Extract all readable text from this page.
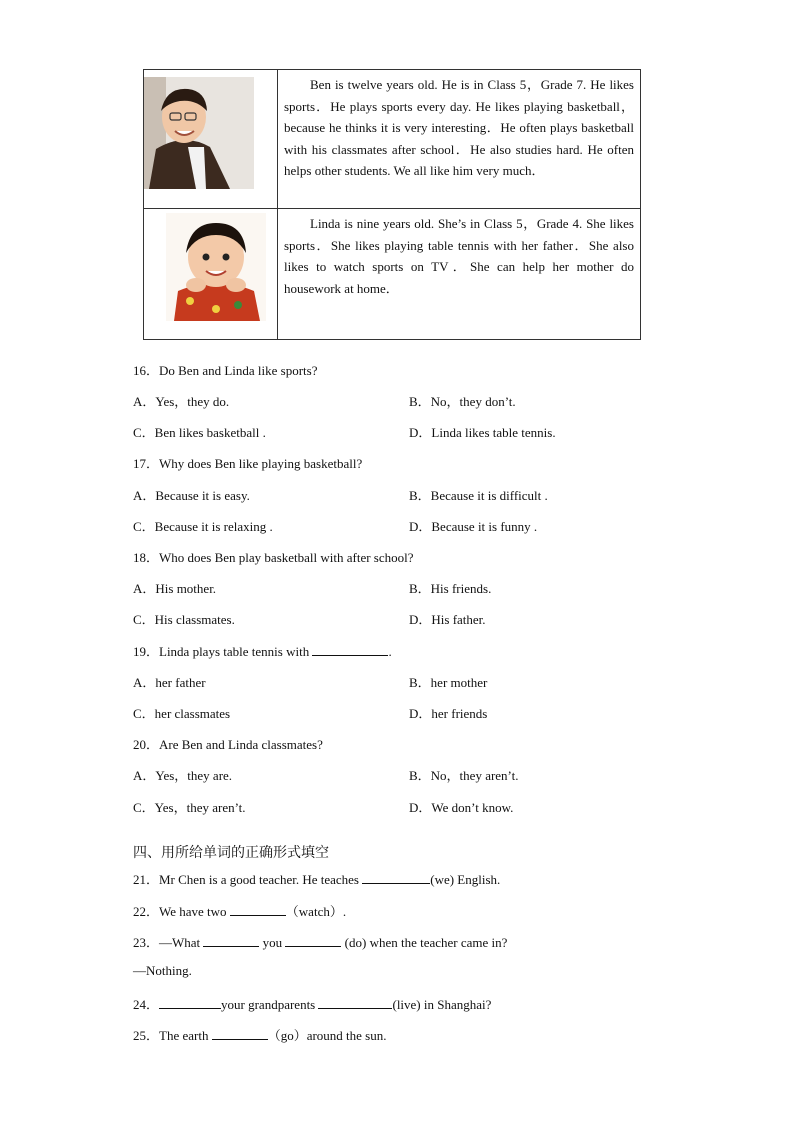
Ben is twelve years old. He is in Class 5，Grade 7. He likes sports．He plays sports every day. He likes playing basketball，because he thinks it is very interesting．He often plays basketball with his classmates after school．He also studies hard. He often helps other students. We all like him very much．
Linda is nine years old. She’s in Class 5，Grade 4. She likes sports．She likes playing table tennis with her father．She also likes to watch sports on TV．She can help her mother do housework at home．
16．Do Ben and Linda like sports?
A．Yes，they do.	B．No，they don’t.
C．Ben likes basketball .	D．Linda likes table tennis.
17．Why does Ben like playing basketball?
A．Because it is easy.	B．Because it is difficult .
C．Because it is relaxing .	D．Because it is funny .
18．Who does Ben play basketball with after school?
A．His mother.	B．His friends.
C．His classmates.	D．His father.
19．Linda plays table tennis with	.
A．her father	B．her mother
C．her classmates	D．her friends
20．Are Ben and Linda classmates?
A．Yes，they are.	B．No，they aren’t.
C．Yes，they aren’t.	D．We don’t know.
四、用所给单词的正确形式填空
21．Mr Chen is a good teacher. He teaches	(we) English.
22．We have two	（watch）.
23．—What	you	(do) when the teacher came in?
—Nothing.
24．	your grandparents	(live) in Shanghai?
25．The earth	（go）around the sun.
